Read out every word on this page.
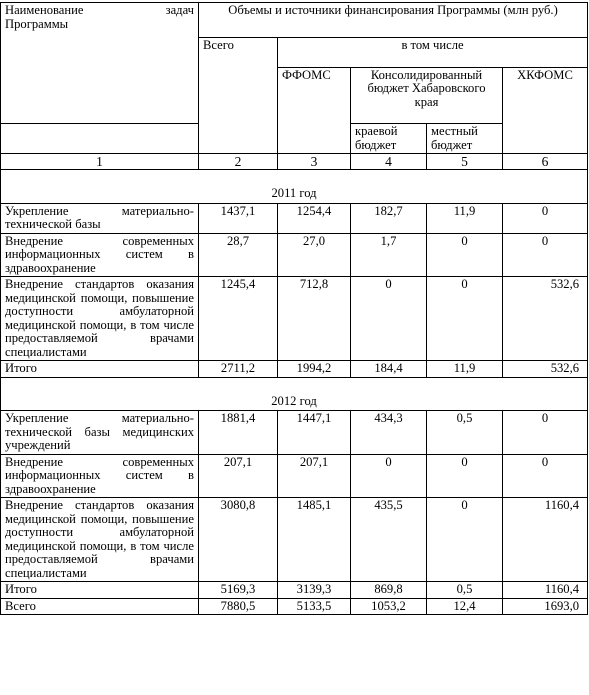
Наименование задач
Программы	Объемы и источники финансирования Программы (млн руб.)				
	Всего	в том числе			
		ФФОМС	Консолидированный бюджет Хабаровского края		ХКФОМС
			краевой бюджет	местный бюджет	
1	2	3	4	5	6
2011 год					
Укрепление материально-технической базы	1437,1	1254,4	182,7	11,9	0
Внедрение современных информационных систем в здравоохранение	28,7	27,0	1,7	0	0
Внедрение стандартов оказания медицинской помощи, повышение доступности амбулаторной медицинской помощи, в том числе предоставляемой врачами специалистами	1245,4	712,8	0	0	532,6
Итого	2711,2	1994,2	184,4	11,9	532,6
2012 год					
Укрепление материально-технической базы медицинских учреждений	1881,4	1447,1	434,3	0,5	0
Внедрение современных информационных систем в здравоохранение	207,1	207,1	0	0	0
Внедрение стандартов оказания медицинской помощи, повышение доступности амбулаторной медицинской помощи, в том числе предоставляемой врачами специалистами	3080,8	1485,1	435,5	0	1160,4
Итого	5169,3	3139,3	869,8	0,5	1160,4
Всего	7880,5	5133,5	1053,2	12,4	1693,0
